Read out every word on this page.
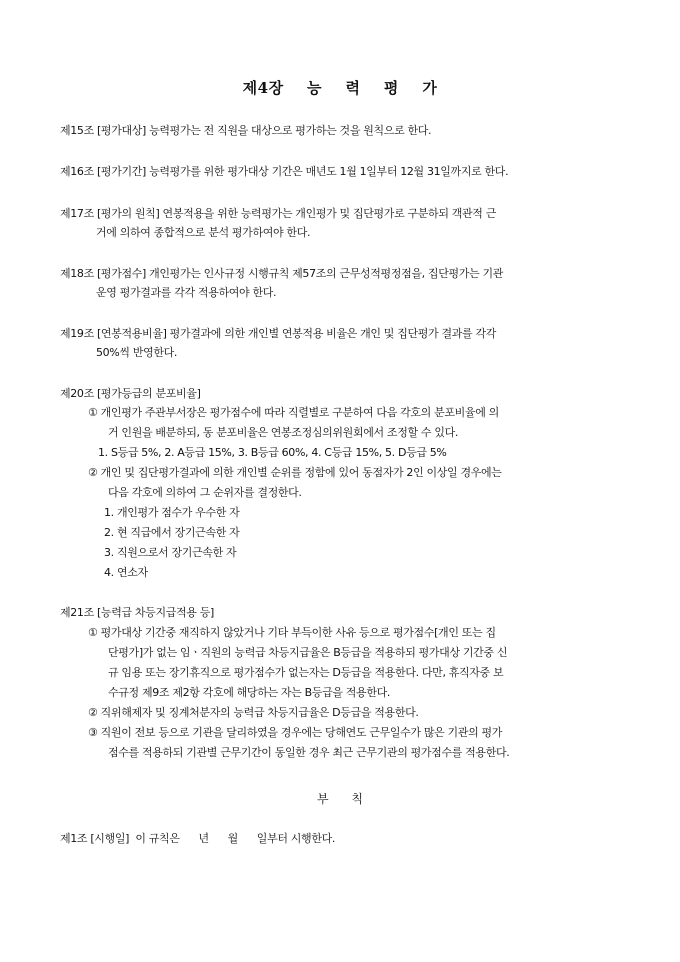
제4장  능  력  평  가
제15조 [평가대상] 능력평가는 전 직원을 대상으로 평가하는 것을 원칙으로 한다.
제16조 [평가기간] 능력평가를 위한 평가대상 기간은 매년도 1월 1일부터 12월 31일까지로 한다.
제17조 [평가의 원칙] 연봉적용을 위한 능력평가는 개인평가 및 집단평가로 구분하되 객관적 근
거에 의하여 종합적으로 분석 평가하여야 한다.
제18조 [평가점수] 개인평가는 인사규정 시행규칙 제57조의 근무성적평정점을, 집단평가는 기관
운영 평가결과를 각각 적용하여야 한다.
제19조 [연봉적용비율] 평가결과에 의한 개인별 연봉적용 비율은 개인 및 집단평가 결과를 각각
50%씩 반영한다.
제20조 [평가등급의 분포비율]
① 개인평가 주관부서장은 평가점수에 따라 직렬별로 구분하여 다음 각호의 분포비율에 의
거 인원을 배분하되, 동 분포비율은 연봉조정심의위원회에서 조정할 수 있다.
1. S등급 5%, 2. A등급 15%, 3. B등급 60%, 4. C등급 15%, 5. D등급 5%
② 개인 및 집단평가결과에 의한 개인별 순위를 정함에 있어 동점자가 2인 이상일 경우에는
다음 각호에 의하여 그 순위자를 결정한다.
1. 개인평가 점수가 우수한 자
2. 현 직급에서 장기근속한 자
3. 직원으로서 장기근속한 자
4. 연소자
제21조 [능력급 차등지급적용 등]
① 평가대상 기간중 재직하지 않았거나 기타 부득이한 사유 등으로 평가점수[개인 또는 집
단평가]가 없는 임ㆍ직원의 능력급 차등지급율은 B등급을 적용하되 평가대상 기간중 신
규 임용 또는 장기휴직으로 평가점수가 없는자는 D등급을 적용한다. 다만, 휴직자중 보
수규정 제9조 제2항 각호에 해당하는 자는 B등급을 적용한다.
② 직위해제자 및 징계처분자의 능력급 차등지급율은 D등급을 적용한다.
③ 직원이 전보 등으로 기관을 달리하였을 경우에는 당해연도 근무일수가 많은 기관의 평가
점수를 적용하되 기관별 근무기간이 동일한 경우 최근 근무기관의 평가점수를 적용한다.
부      칙
제1조 [시행일]  이 규칙은      년      월      일부터 시행한다.
